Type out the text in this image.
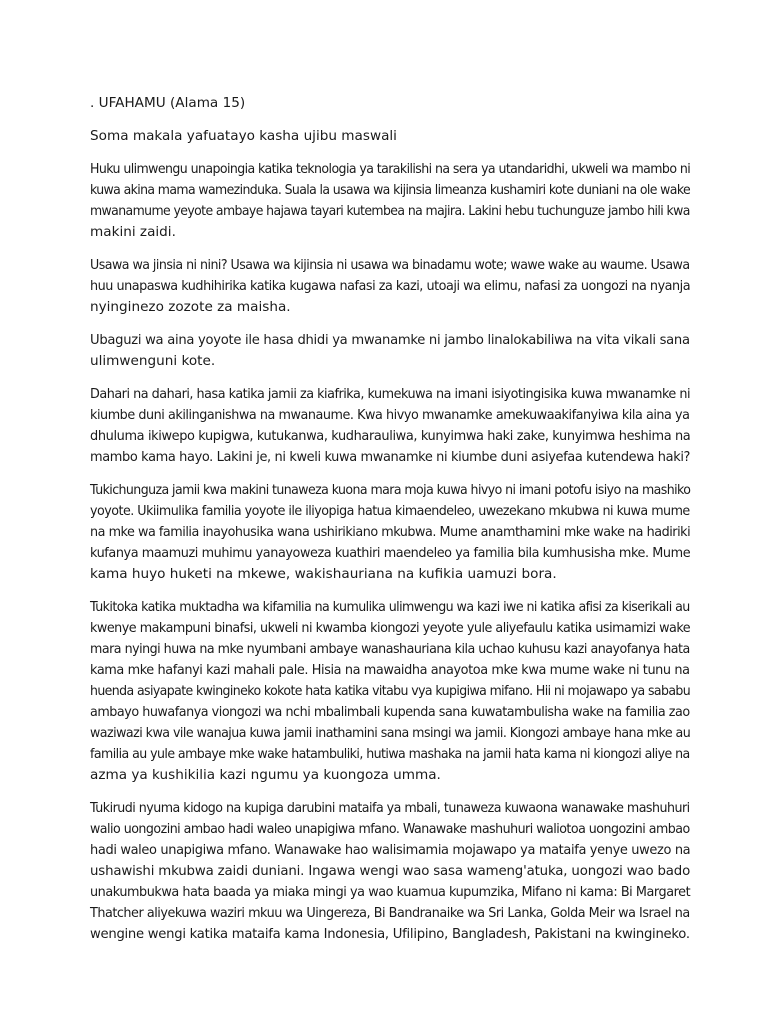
. UFAHAMU (Alama 15)
Soma makala yafuatayo kasha ujibu maswali
Huku ulimwengu unapoingia katika teknologia ya tarakilishi na sera ya utandaridhi, ukweli wa mambo ni
kuwa akina mama wamezinduka. Suala la usawa wa kijinsia limeanza kushamiri kote duniani na ole wake
mwanamume yeyote ambaye hajawa tayari kutembea na majira. Lakini hebu tuchunguze jambo hili kwa
makini zaidi.
Usawa wa jinsia ni nini? Usawa wa kijinsia ni usawa wa binadamu wote; wawe wake au waume. Usawa
huu unapaswa kudhihirika katika kugawa nafasi za kazi, utoaji wa elimu, nafasi za uongozi na nyanja
nyinginezo zozote za maisha.
Ubaguzi wa aina yoyote ile hasa dhidi ya mwanamke ni jambo linalokabiliwa na vita vikali sana
ulimwenguni kote.
Dahari na dahari, hasa katika jamii za kiafrika, kumekuwa na imani isiyotingisika kuwa mwanamke ni
kiumbe duni akilinganishwa na mwanaume. Kwa hivyo mwanamke amekuwaakifanyiwa kila aina ya
dhuluma ikiwepo kupigwa, kutukanwa, kudharauliwa, kunyimwa haki zake, kunyimwa heshima na
mambo kama hayo. Lakini je, ni kweli kuwa mwanamke ni kiumbe duni asiyefaa kutendewa haki?
Tukichunguza jamii kwa makini tunaweza kuona mara moja kuwa hivyo ni imani potofu isiyo na mashiko
yoyote. Ukiimulika familia yoyote ile iliyopiga hatua kimaendeleo, uwezekano mkubwa ni kuwa mume
na mke wa familia inayohusika wana ushirikiano mkubwa. Mume anamthamini mke wake na hadiriki
kufanya maamuzi muhimu yanayoweza kuathiri maendeleo ya familia bila kumhusisha mke. Mume
kama huyo huketi na mkewe, wakishauriana na kufikia uamuzi bora.
Tukitoka katika muktadha wa kifamilia na kumulika ulimwengu wa kazi iwe ni katika afisi za kiserikali au
kwenye makampuni binafsi, ukweli ni kwamba kiongozi yeyote yule aliyefaulu katika usimamizi wake
mara nyingi huwa na mke nyumbani ambaye wanashauriana kila uchao kuhusu kazi anayofanya hata
kama mke hafanyi kazi mahali pale. Hisia na mawaidha anayotoa mke kwa mume wake ni tunu na
huenda asiyapate kwingineko kokote hata katika vitabu vya kupigiwa mifano. Hii ni mojawapo ya sababu
ambayo huwafanya viongozi wa nchi mbalimbali kupenda sana kuwatambulisha wake na familia zao
waziwazi kwa vile wanajua kuwa jamii inathamini sana msingi wa jamii. Kiongozi ambaye hana mke au
familia au yule ambaye mke wake hatambuliki, hutiwa mashaka na jamii hata kama ni kiongozi aliye na
azma ya kushikilia kazi ngumu ya kuongoza umma.
Tukirudi nyuma kidogo na kupiga darubini mataifa ya mbali, tunaweza kuwaona wanawake mashuhuri
walio uongozini ambao hadi waleo unapigiwa mfano. Wanawake mashuhuri waliotoa uongozini ambao
hadi waleo unapigiwa mfano. Wanawake hao walisimamia mojawapo ya mataifa yenye uwezo na
ushawishi mkubwa zaidi duniani. Ingawa wengi wao sasa wameng'atuka, uongozi wao bado
unakumbukwa hata baada ya miaka mingi ya wao kuamua kupumzika, Mifano ni kama: Bi Margaret
Thatcher aliyekuwa waziri mkuu wa Uingereza, Bi Bandranaike wa Sri Lanka, Golda Meir wa Israel na
wengine wengi katika mataifa kama Indonesia, Ufilipino, Bangladesh, Pakistani na kwingineko.
